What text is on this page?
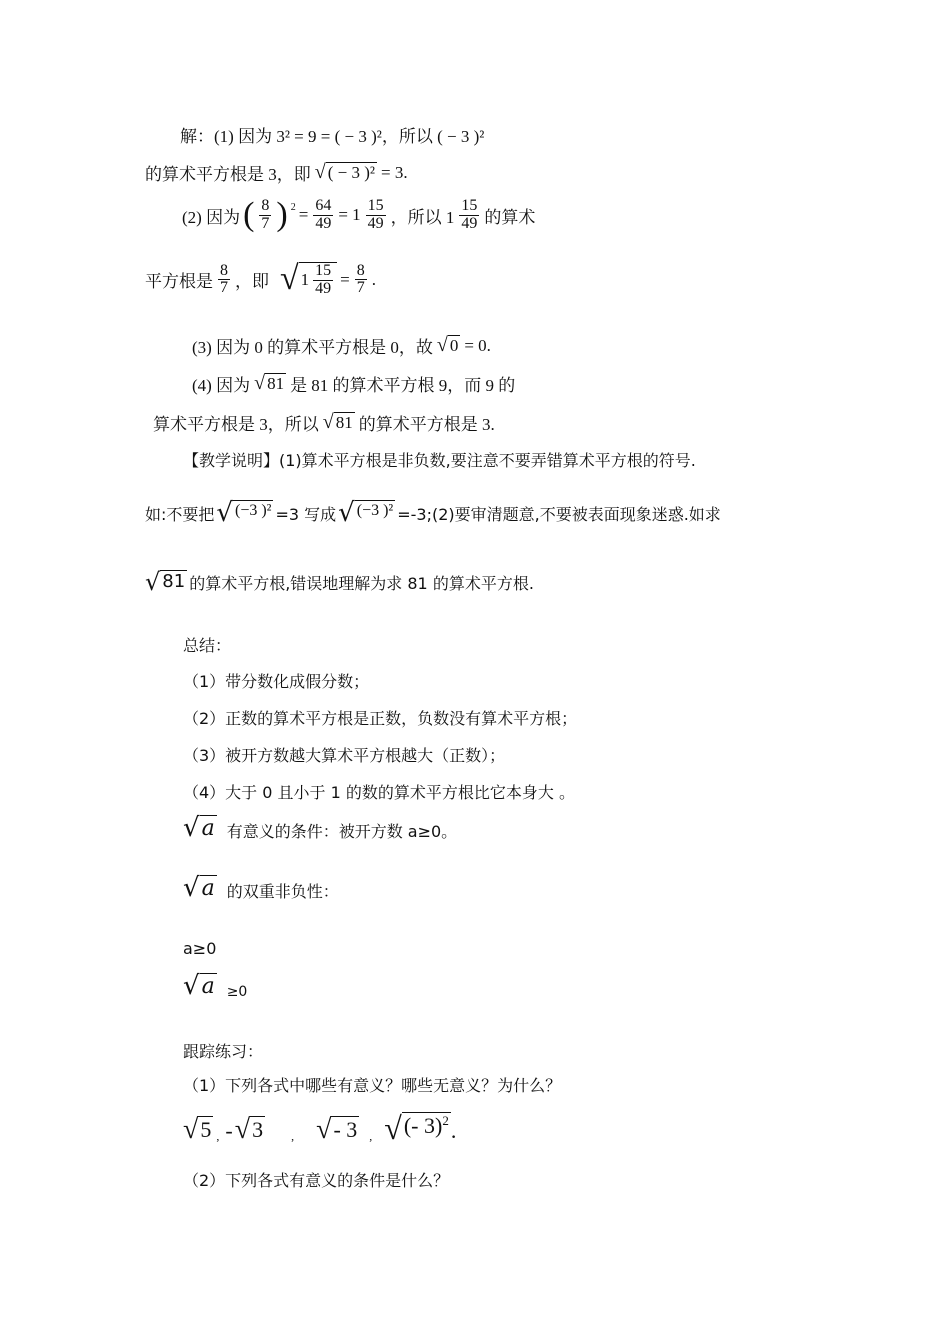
解：(1) 因为 3² = 9 = ( − 3 )²，所以 ( − 3 )²
的算术平方根是 3，即 √ ( − 3 )² = 3.
(2) 因为 ( $\frac{8}{7}$ ) $^2 = \frac{64}{49} = 1 \frac{15}{49}$ ，所以 $1 \frac{15}{49}$ 的算术
平方根是 $\frac{8}{7}$ ，即 √ $1 \frac{15}{49} = \frac{8}{7}$ .
(3) 因为 0 的算术平方根是 0，故 √ 0 = 0.
(4) 因为 √ 81 是 81 的算术平方根 9，而 9 的
算术平方根是 3，所以 √ 81 的算术平方根是 3.
【教学说明】(1)算术平方根是非负数,要注意不要弄错算术平方根的符号.
如:不要把 √ (−3 )² =3 写成 √ (−3 )² =-3;(2)要审清题意,不要被表面现象迷惑.如求
√ 81 的算术平方根,错误地理解为求 81 的算术平方根.
总结：
（1）带分数化成假分数；
（2）正数的算术平方根是正数，负数没有算术平方根；
（3）被开方数越大算术平方根越大（正数）；
（4）大于 0 且小于 1 的数的算术平方根比它本身大 。
√ a 有意义的条件：被开方数 a≥0。
√ a 的双重非负性：
a≥0
√ a ≥0
跟踪练习：
（1）下列各式中哪些有意义？哪些无意义？为什么？
√ 5 , - √ 3 , √ - 3 , √ (- 3)$^2$ .
（2）下列各式有意义的条件是什么？
